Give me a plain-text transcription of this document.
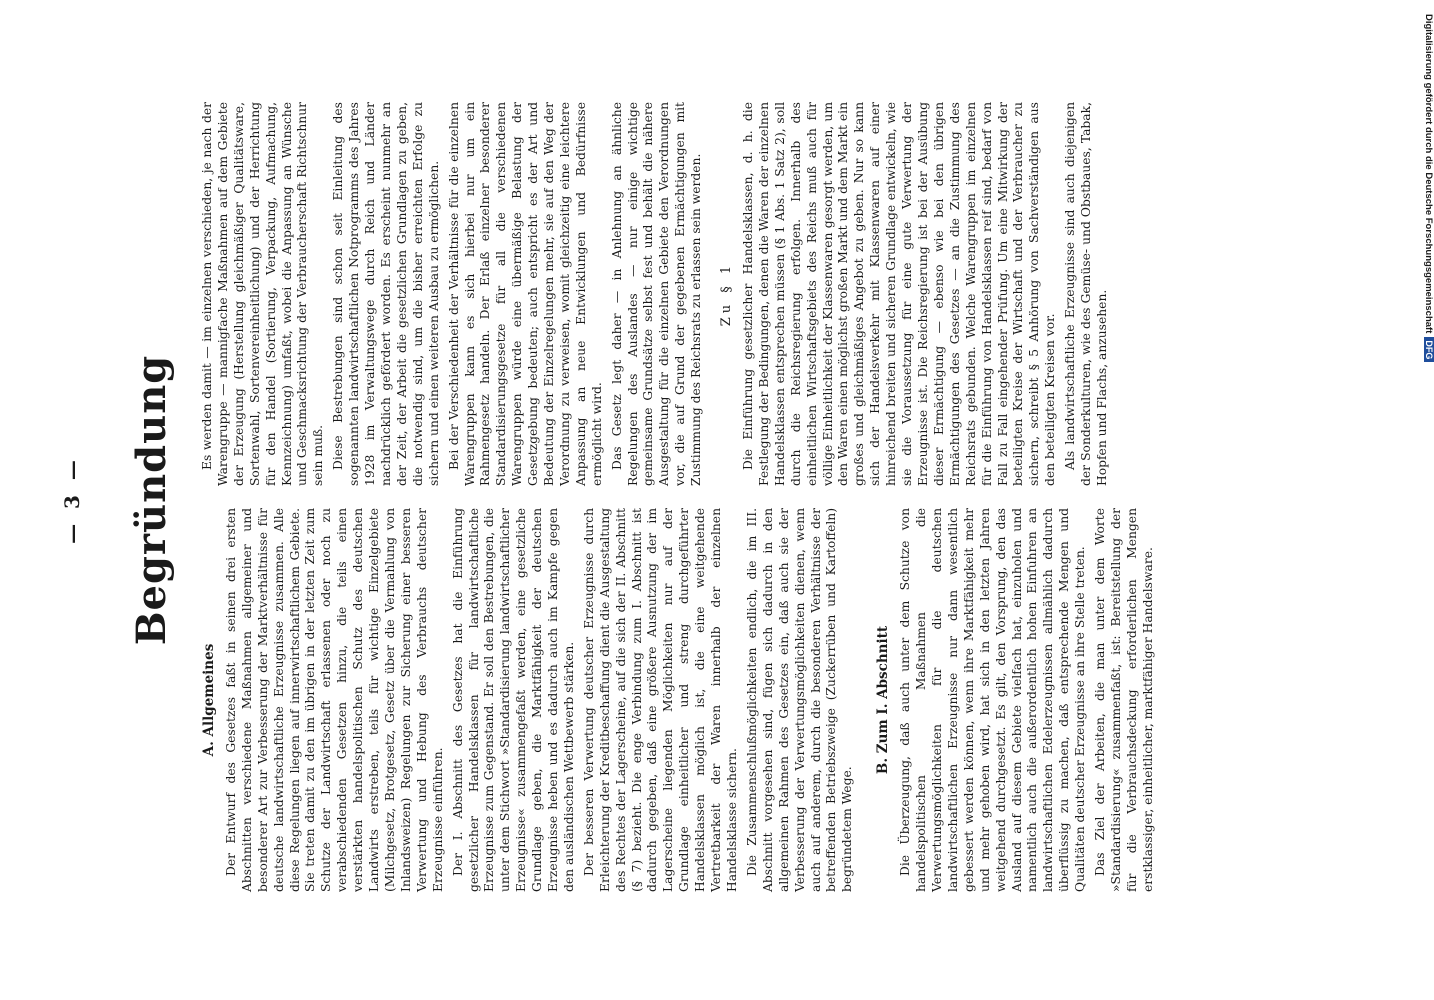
— 3 — Begründung
A. Allgemeines Der Entwurf des Gesetzes faßt in seinen drei ersten Abschnitten verschiedene Maßnahmen allgemeiner und besonderer Art zur Verbesserung der Marktverhältnisse für deutsche landwirtschaftliche Erzeugnisse zusammen. Alle diese Regelungen liegen auf innerwirtschaftlichem Gebiete. Sie treten damit zu den im übrigen in der letzten Zeit zum Schutze der Landwirtschaft erlassenen oder noch zu verabschiedenden Gesetzen hinzu, die teils einen verstärkten handelspolitischen Schutz des deutschen Landwirts erstreben, teils für wichtige Einzelgebiete (Milchgesetz, Brotgesetz, Gesetz über die Vermahlung von Inlandsweizen) Regelungen zur Sicherung einer besseren Verwertung und Hebung des Verbrauchs deutscher Erzeugnisse einführen. Der I. Abschnitt des Gesetzes hat die Einführung gesetzlicher Handelsklassen für landwirtschaftliche Erzeugnisse zum Gegenstand. Er soll den Bestrebungen, die unter dem Stichwort »Standardisierung landwirtschaftlicher Erzeugnisse« zusammengefaßt werden, eine gesetzliche Grundlage geben, die Marktfähigkeit der deutschen Erzeugnisse heben und es dadurch auch im Kampfe gegen den ausländischen Wettbewerb stärken. Der besseren Verwertung deutscher Erzeugnisse durch Erleichterung der Kreditbeschaffung dient die Ausgestaltung des Rechtes der Lagerscheine, auf die sich der II. Abschnitt (§ 7) bezieht. Die enge Verbindung zum I. Abschnitt ist dadurch gegeben, daß eine größere Ausnutzung der im Lagerscheine liegenden Möglichkeiten nur auf der Grundlage einheitlicher und streng durchgeführter Handelsklassen möglich ist, die eine weitgehende Vertretbarkeit der Waren innerhalb der einzelnen Handelsklasse sichern. Die Zusammenschlußmöglichkeiten endlich, die im III. Abschnitt vorgesehen sind, fügen sich dadurch in den allgemeinen Rahmen des Gesetzes ein, daß auch sie der Verbesserung der Verwertungsmöglichkeiten dienen, wenn auch auf anderem, durch die besonderen Verhältnisse der betreffenden Betriebszweige (Zuckerrüben und Kartoffeln) begründetem Wege.

B. Zum I. Abschnitt Die Überzeugung, daß auch unter dem Schutze von handelspolitischen Maßnahmen die Verwertungsmöglichkeiten für die deutschen landwirtschaftlichen Erzeugnisse nur dann wesentlich gebessert werden können, wenn ihre Marktfähigkeit mehr und mehr gehoben wird, hat sich in den letzten Jahren weitgehend durchgesetzt. Es gilt, den Vorsprung, den das Ausland auf diesem Gebiete vielfach hat, einzuholen und namentlich auch die außerordentlich hohen Einfuhren an landwirtschaftlichen Edelerzeugnissen allmählich dadurch überflüssig zu machen, daß entsprechende Mengen und Qualitäten deutscher Erzeugnisse an ihre Stelle treten. Das Ziel der Arbeiten, die man unter dem Worte »Standardisierung« zusammenfaßt, ist: Bereitstellung der für die Verbrauchsdeckung erforderlichen Mengen erstklassiger, einheitlicher, marktfähiger Handelsware.

Es werden damit — im einzelnen verschieden, je nach der Warengruppe — mannigfache Maßnahmen auf dem Gebiete der Erzeugung (Herstellung gleichmäßiger Qualitätsware, Sortenwahl, Sortenvereinheitlichung) und der Herrichtung für den Handel (Sortierung, Verpackung, Aufmachung, Kennzeichnung) umfaßt, wobei die Anpassung an Wünsche und Geschmacksrichtung der Verbraucherschaft Richtschnur sein muß. Diese Bestrebungen sind schon seit Einleitung des sogenannten landwirtschaftlichen Notprogramms des Jahres 1928 im Verwaltungswege durch Reich und Länder nachdrücklich gefördert worden. Es erscheint nunmehr an der Zeit, der Arbeit die gesetzlichen Grundlagen zu geben, die notwendig sind, um die bisher erreichten Erfolge zu sichern und einen weiteren Ausbau zu ermöglichen. Bei der Verschiedenheit der Verhältnisse für die einzelnen Warengruppen kann es sich hierbei nur um ein Rahmengesetz handeln. Der Erlaß einzelner besonderer Standardisierungsgesetze für all die verschiedenen Warengruppen würde eine übermäßige Belastung der Gesetzgebung bedeuten; auch entspricht es der Art und Bedeutung der Einzelregelungen mehr, sie auf den Weg der Verordnung zu verweisen, womit gleichzeitig eine leichtere Anpassung an neue Entwicklungen und Bedürfnisse ermöglicht wird. Das Gesetz legt daher — in Anlehnung an ähnliche Regelungen des Auslandes — nur einige wichtige gemeinsame Grundsätze selbst fest und behält die nähere Ausgestaltung für die einzelnen Gebiete den Verordnungen vor, die auf Grund der gegebenen Ermächtigungen mit Zustimmung des Reichsrats zu erlassen sein werden. Zu § 1 Die Einführung gesetzlicher Handelsklassen, d. h. die Festlegung der Bedingungen, denen die Waren der einzelnen Handelsklassen entsprechen müssen (§ 1 Abs. 1 Satz 2), soll durch die Reichsregierung erfolgen. Innerhalb des einheitlichen Wirtschaftsgebiets des Reichs muß auch für völlige Einheitlichkeit der Klassenwaren gesorgt werden, um den Waren einen möglichst großen Markt und dem Markt ein großes und gleichmäßiges Angebot zu geben. Nur so kann sich der Handelsverkehr mit Klassenwaren auf einer hinreichend breiten und sicheren Grundlage entwickeln, wie sie die Voraussetzung für eine gute Verwertung der Erzeugnisse ist. Die Reichsregierung ist bei der Ausübung dieser Ermächtigung — ebenso wie bei den übrigen Ermächtigungen des Gesetzes — an die Zustimmung des Reichsrats gebunden. Welche Warengruppen im einzelnen für die Einführung von Handelsklassen reif sind, bedarf von Fall zu Fall eingehender Prüfung. Um eine Mitwirkung der beteiligten Kreise der Wirtschaft und der Verbraucher zu sichern, schreibt § 5 Anhörung von Sachverständigen aus den beteiligten Kreisen vor. Als landwirtschaftliche Erzeugnisse sind auch diejenigen der Sonderkulturen, wie des Gemüse- und Obstbaues, Tabak, Hopfen und Flachs, anzusehen.

Digitalisierung gefördert durch die Deutsche ForschungsgemeinschaftDFG
